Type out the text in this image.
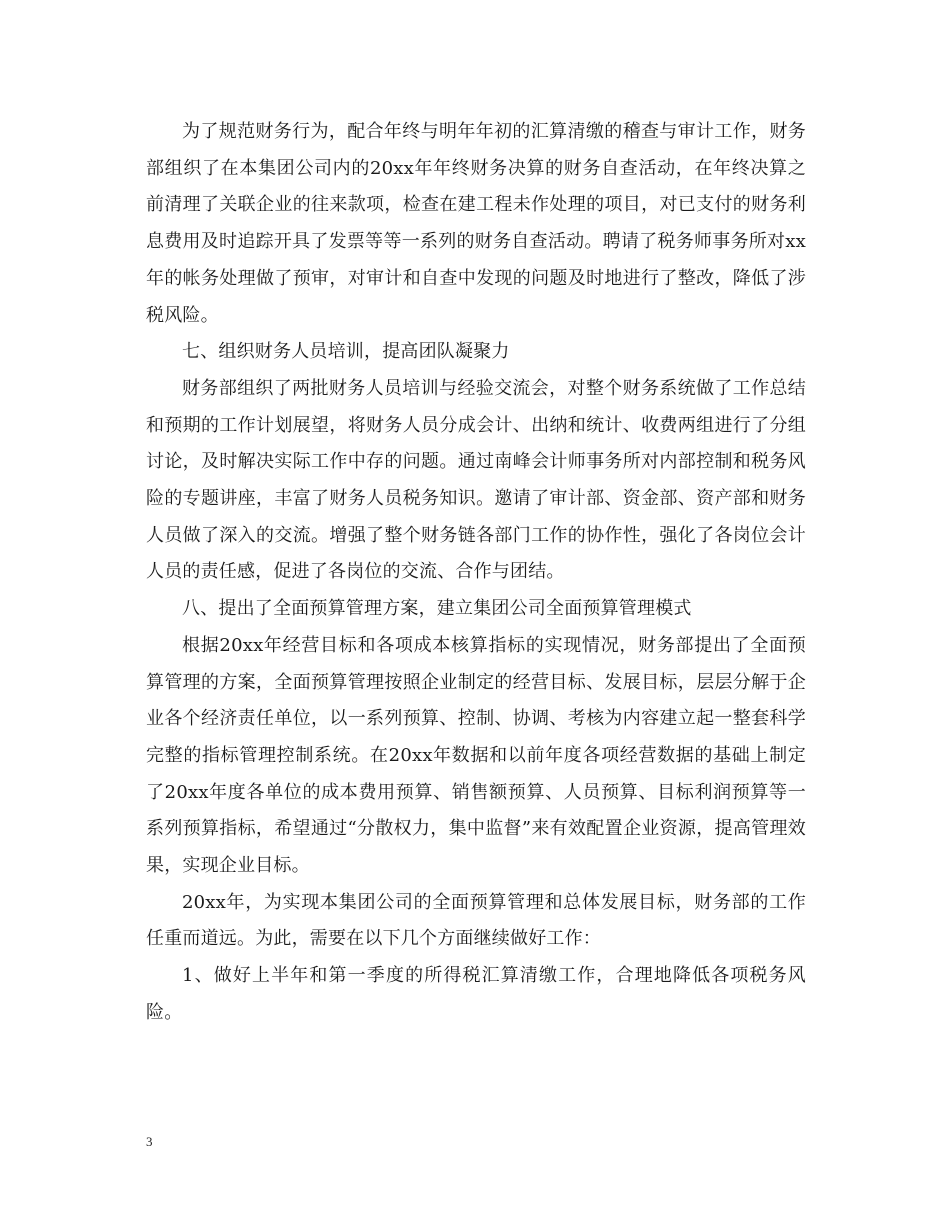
为了规范财务行为，配合年终与明年年初的汇算清缴的稽查与审计工作，财务部组织了在本集团公司内的20xx年年终财务决算的财务自查活动，在年终决算之前清理了关联企业的往来款项，检查在建工程未作处理的项目，对已支付的财务利息费用及时追踪开具了发票等等一系列的财务自查活动。聘请了税务师事务所对xx年的帐务处理做了预审，对审计和自查中发现的问题及时地进行了整改，降低了涉税风险。

七、组织财务人员培训，提高团队凝聚力

财务部组织了两批财务人员培训与经验交流会，对整个财务系统做了工作总结和预期的工作计划展望，将财务人员分成会计、出纳和统计、收费两组进行了分组讨论，及时解决实际工作中存的问题。通过南峰会计师事务所对内部控制和税务风险的专题讲座，丰富了财务人员税务知识。邀请了审计部、资金部、资产部和财务人员做了深入的交流。增强了整个财务链各部门工作的协作性，强化了各岗位会计人员的责任感，促进了各岗位的交流、合作与团结。

八、提出了全面预算管理方案，建立集团公司全面预算管理模式

根据20xx年经营目标和各项成本核算指标的实现情况，财务部提出了全面预算管理的方案，全面预算管理按照企业制定的经营目标、发展目标，层层分解于企业各个经济责任单位，以一系列预算、控制、协调、考核为内容建立起一整套科学完整的指标管理控制系统。在20xx年数据和以前年度各项经营数据的基础上制定了20xx年度各单位的成本费用预算、销售额预算、人员预算、目标利润预算等一系列预算指标，希望通过“分散权力，集中监督”来有效配置企业资源，提高管理效果，实现企业目标。

20xx年，为实现本集团公司的全面预算管理和总体发展目标，财务部的工作任重而道远。为此，需要在以下几个方面继续做好工作：

1、做好上半年和第一季度的所得税汇算清缴工作，合理地降低各项税务风险。

3
